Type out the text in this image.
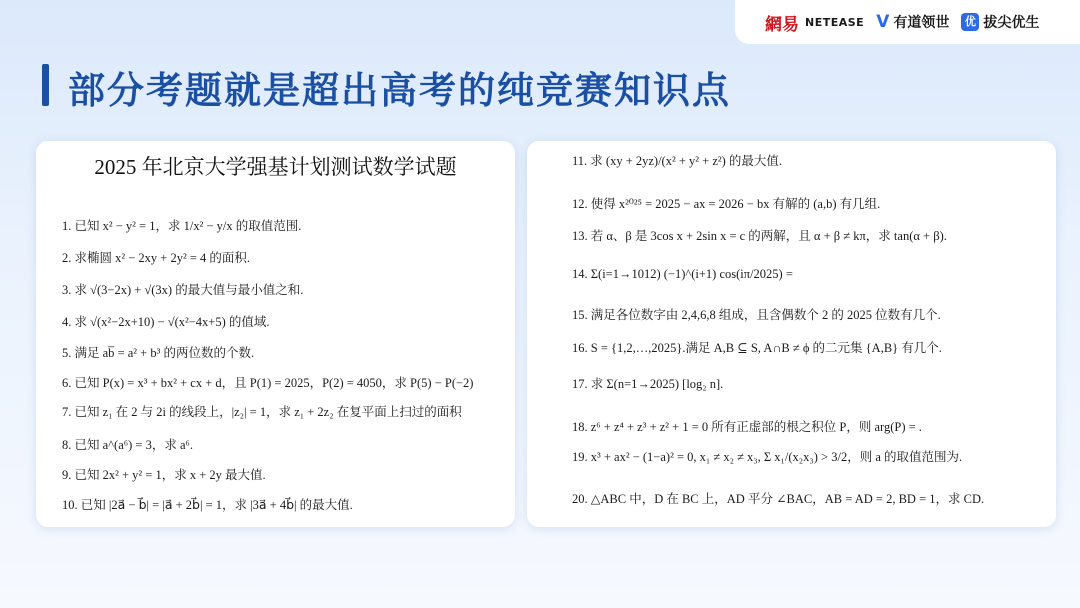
網易 NETEASE V 有道领世	优 拔尖优生
部分考题就是超出高考的纯竞赛知识点
2025 年北京大学强基计划测试数学试题

1. 已知 x² − y² = 1，求 1/x² − y/x 的取值范围.

2. 求椭圆 x² − 2xy + 2y² = 4 的面积.

3. 求 √(3−2x) + √(3x) 的最大值与最小值之和.

4. 求 √(x²−2x+10) − √(x²−4x+5) 的值域.

5. 满足 ab̅ = a² + b³ 的两位数的个数.

6. 已知 P(x) = x³ + bx² + cx + d，且 P(1) = 2025，P(2) = 4050，求 P(5) − P(−2)

7. 已知 z₁ 在 2 与 2i 的线段上，|z₂| = 1，求 z₁ + 2z₂ 在复平面上扫过的面积

8. 已知 a^(a⁶) = 3，求 a⁶.

9. 已知 2x² + y² = 1，求 x + 2y 最大值.

10. 已知 |2a⃗ − b⃗| = |a⃗ + 2b⃗| = 1，求 |3a⃗ + 4b⃗| 的最大值.

11. 求 (xy + 2yz)/(x² + y² + z²) 的最大值.

12. 使得 x²⁰²⁵ = 2025 − ax = 2026 − bx 有解的 (a,b) 有几组.

13. 若 α、β 是 3cos x + 2sin x = c 的两解，且 α + β ≠ kπ，求 tan(α + β).

14. Σ(i=1→1012) (−1)^(i+1) cos(iπ/2025) =

15. 满足各位数字由 2,4,6,8 组成，且含偶数个 2 的 2025 位数有几个.

16. S = {1,2,…,2025}.满足 A,B ⊆ S, A∩B ≠ ϕ 的二元集 {A,B} 有几个.

17. 求 Σ(n=1→2025) [log₂ n].

18. z⁶ + z⁴ + z³ + z² + 1 = 0 所有正虚部的根之积位 P，则 arg(P) = .

19. x³ + ax² − (1−a)² = 0, x₁ ≠ x₂ ≠ x₃, Σ x₁/(x₂x₃) > 3/2，则 a 的取值范围为.

20. △ABC 中，D 在 BC 上，AD 平分 ∠BAC，AB = AD = 2, BD = 1，求 CD.
